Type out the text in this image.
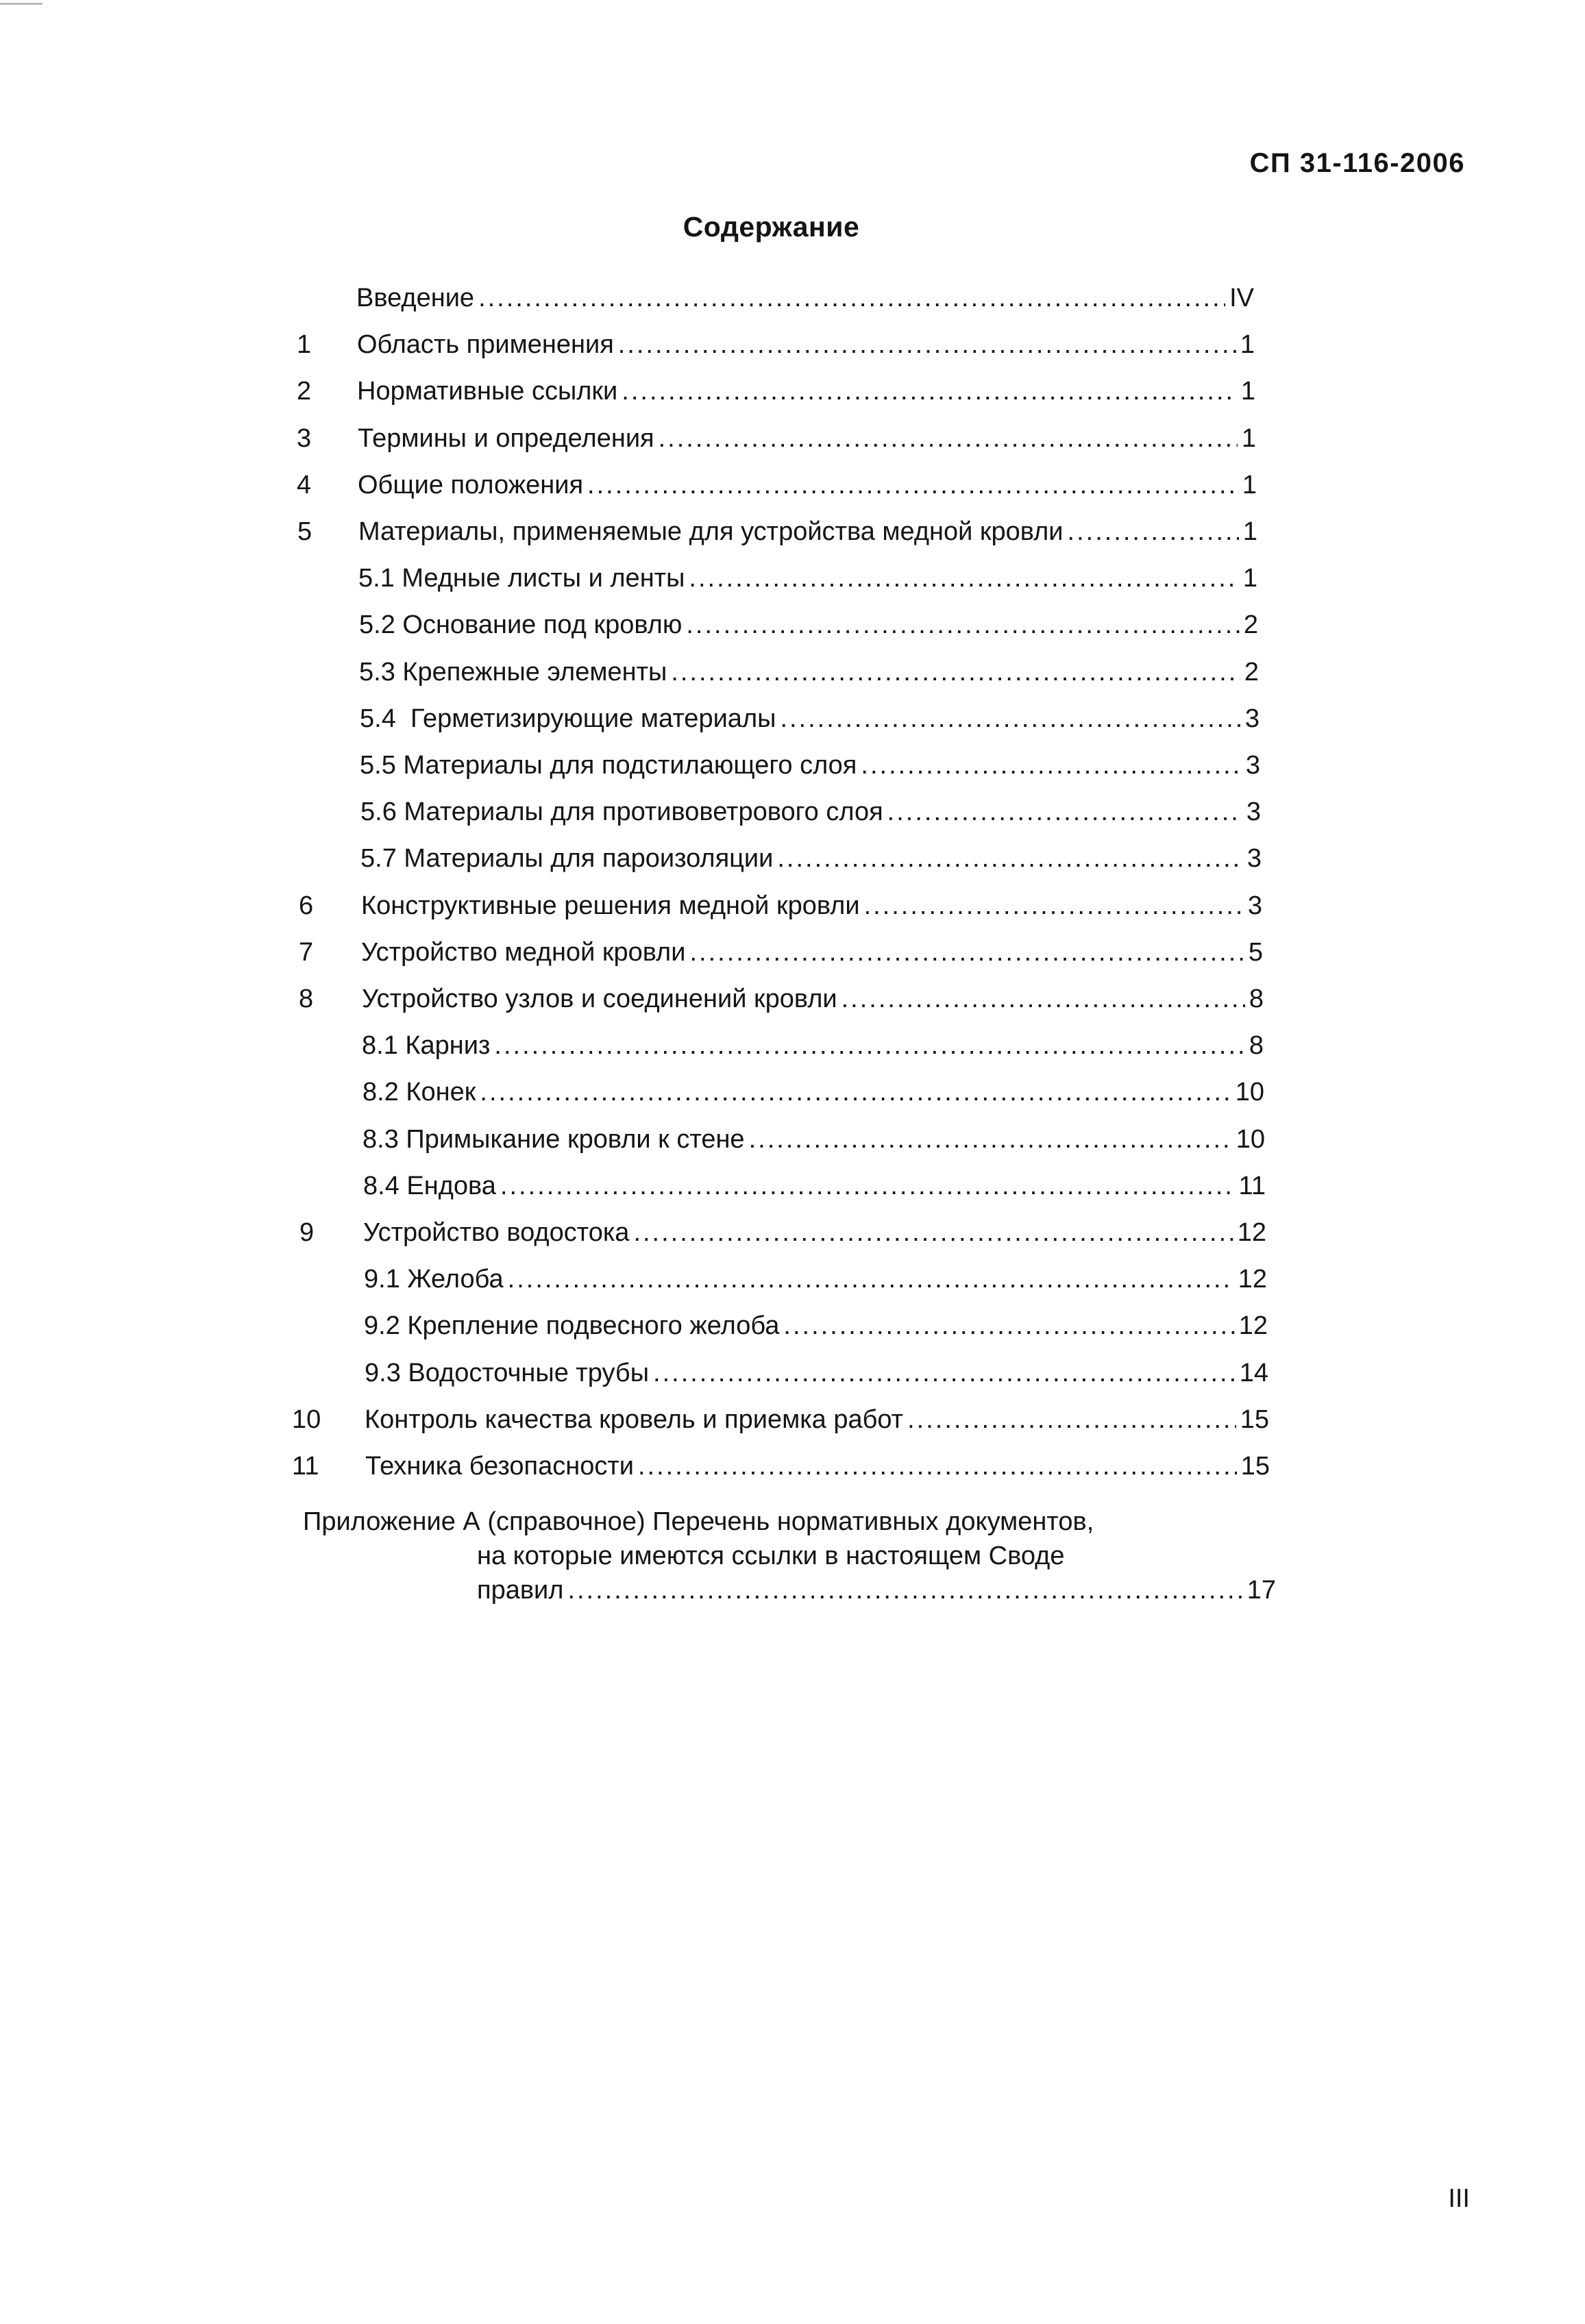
СП 31-116-2006
Содержание
Введение .....	IV
1 Область применения .....	1
2 Нормативные ссылки .....	1
3 Термины и определения .....	1
4 Общие положения .....	1
5 Материалы, применяемые для устройства медной кровли .....	1
5.1 Медные листы и ленты .....	1
5.2 Основание под кровлю .....	2
5.3 Крепежные элементы .....	2
5.4  Герметизирующие материалы .....	3
5.5 Материалы для подстилающего слоя .....	3
5.6 Материалы для противоветрового слоя .....	3
5.7 Материалы для пароизоляции .....	3
6 Конструктивные решения медной кровли .....	3
7 Устройство медной кровли .....	5
8 Устройство узлов и соединений кровли .....	8
8.1 Карниз .....	8
8.2 Конек .....	10
8.3 Примыкание кровли к стене .....	10
8.4 Ендова .....	11
9 Устройство водостока .....	12
9.1 Желоба .....	12
9.2 Крепление подвесного желоба .....	12
9.3 Водосточные трубы .....	14
10 Контроль качества кровель и приемка работ .....	15
11 Техника безопасности .....	15
Приложение А (справочное) Перечень нормативных документов,
на которые имеются ссылки в настоящем Своде
правил .....	17
III
